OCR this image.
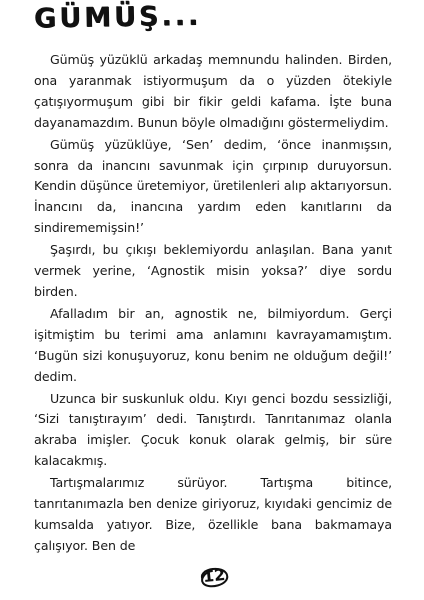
GÜMÜŞ...

Gümüş yüzüklü arkadaş memnundu halinden. Birden, ona yaranmak istiyormuşum da o yüzden ötekiyle çatışıyormuşum gibi bir fikir geldi kafama. İşte buna dayanamazdım. Bunun böyle olmadığını göstermeliydim.

Gümüş yüzüklüye, ‘Sen’ dedim, ‘önce inanmışsın, sonra da inancını savunmak için çırpınıp duruyorsun. Kendin düşünce üretemiyor, üretilenleri alıp aktarıyorsun. İnancını da, inancına yardım eden kanıtlarını da sindirememişsin!’

Şaşırdı, bu çıkışı beklemiyordu anlaşılan. Bana yanıt vermek yerine, ‘Agnostik misin yoksa?’ diye sordu birden.

Afalladım bir an, agnostik ne, bilmiyordum. Gerçi işitmiştim bu terimi ama anlamını kavrayamamıştım. ‘Bugün sizi konuşuyoruz, konu benim ne olduğum değil!’ dedim.

Uzunca bir suskunluk oldu. Kıyı genci bozdu sessizliği, ‘Sizi tanıştırayım’ dedi. Tanıştırdı. Tanrıtanımaz olanla akraba imişler. Çocuk konuk olarak gelmiş, bir süre kalacakmış.

Tartışmalarımız sürüyor. Tartışma bitince, tanrıtanımazla ben denize giriyoruz, kıyıdaki gencimiz de kumsalda yatıyor. Bize, özellikle bana bakmamaya çalışıyor. Ben de

12
